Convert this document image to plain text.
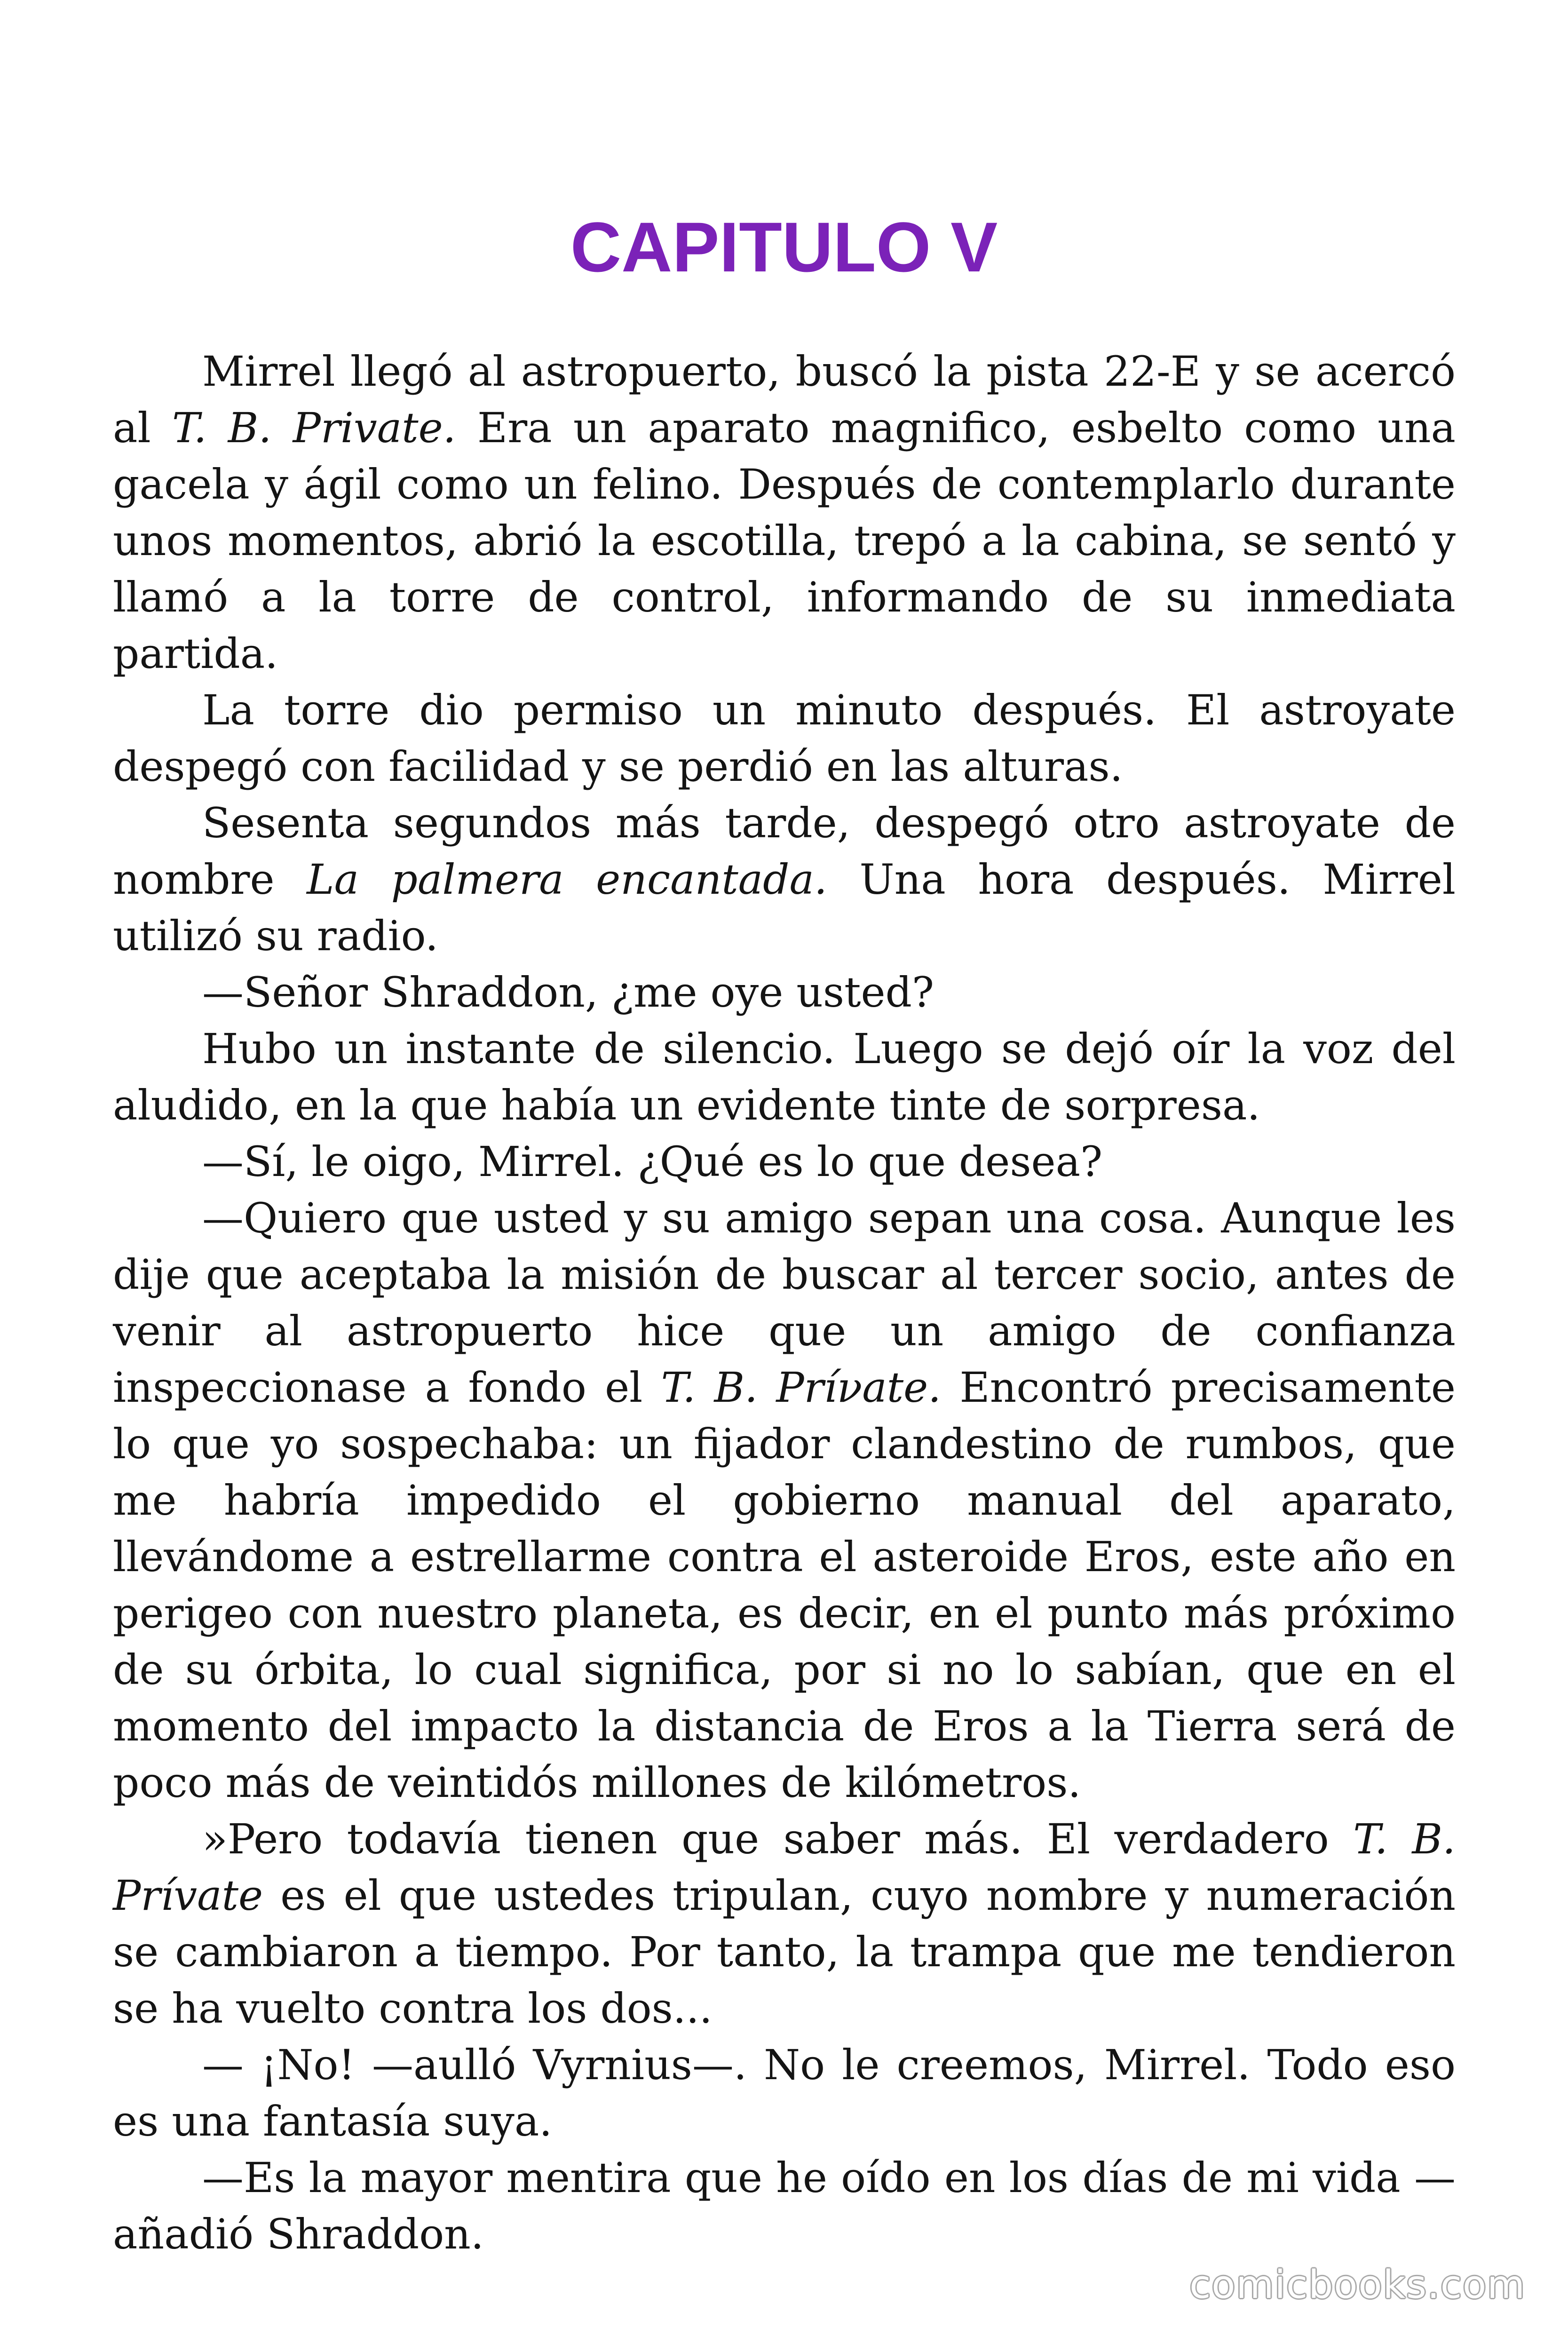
CAPITULO V

Mirrel llegó al astropuerto, buscó la pista 22-E y se acercó al T. B. Private. Era un aparato magnifico, esbelto como una gacela y ágil como un felino. Después de contemplarlo durante unos momentos, abrió la escotilla, trepó a la cabina, se sentó y llamó a la torre de control, informando de su inmediata partida.

La torre dio permiso un minuto después. El astroyate despegó con facilidad y se perdió en las alturas.

Sesenta segundos más tarde, despegó otro astroyate de nombre La palmera encantada. Una hora después. Mirrel utilizó su radio.

—Señor Shraddon, ¿me oye usted?

Hubo un instante de silencio. Luego se dejó oír la voz del aludido, en la que había un evidente tinte de sorpresa.

—Sí, le oigo, Mirrel. ¿Qué es lo que desea?

—Quiero que usted y su amigo sepan una cosa. Aunque les dije que aceptaba la misión de buscar al tercer socio, antes de venir al astropuerto hice que un amigo de confianza inspeccionase a fondo el T. B. Príνate. Encontró precisamente lo que yo sospechaba: un fijador clandestino de rumbos, que me habría impedido el gobierno manual del aparato, llevándome a estrellarme contra el asteroide Eros, este año en perigeo con nuestro planeta, es decir, en el punto más próximo de su órbita, lo cual significa, por si no lo sabían, que en el momento del impacto la distancia de Eros a la Tierra será de poco más de veintidós millones de kilómetros.

»Pero todavía tienen que saber más. El verdadero T. B. Prívate es el que ustedes tripulan, cuyo nombre y numeración se cambiaron a tiempo. Por tanto, la trampa que me tendieron se ha vuelto contra los dos...

— ¡No! —aulló Vyrnius—. No le creemos, Mirrel. Todo eso es una fantasía suya.

—Es la mayor mentira que he oído en los días de mi vida —añadió Shraddon.

comicbooks.com
